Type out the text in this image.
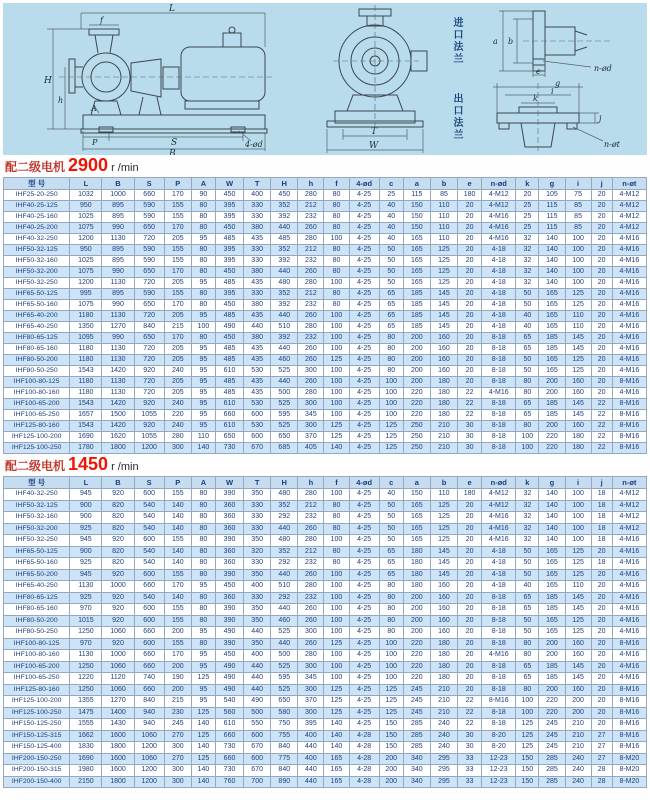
L
f
H
h
A
P	S
B
4-ød
T
W
进口法兰	a b
e	n-ød
出口法兰
g
i
k
j
n-øt
配二级电机 2900 r /min
型 号	L	B	S	P	A	W	T	H	h	f	4-ød	c	a	b	e	n-ød	k	g	i	j	n-øt
IHF25-20-250	1032	1000	660	170	90	450	400	450	280	80	4-25	25	115	85	180	4-M12	20	105	75	20	4-M12
IHF40-25-125	950	895	590	155	80	395	330	352	212	80	4-25	40	150	110	20	4-M12	25	115	85	20	4-M12
IHF40-25-160	1025	895	590	155	80	395	330	392	232	80	4-25	40	150	110	20	4-M16	25	115	85	20	4-M12
IHF40-25-200	1075	990	650	170	80	450	380	440	260	80	4-25	40	150	110	20	4-M16	25	115	85	20	4-M12
IHF40-32-250	1200	1130	720	205	95	485	435	485	280	100	4-25	40	165	110	20	4-M16	32	140	100	20	4-M16
IHF50-32-125	950	895	590	155	80	395	330	352	212	80	4-25	50	165	125	20	4-18	32	140	100	20	4-M16
IHF50-32-160	1025	895	590	155	80	395	330	392	232	80	4-25	50	165	125	20	4-18	32	140	100	20	4-M16
IHF50-32-200	1075	990	650	170	80	450	380	440	260	80	4-25	50	165	125	20	4-18	32	140	100	20	4-M16
IHF50-32-250	1200	1130	720	205	95	485	435	480	280	100	4-25	50	165	125	20	4-18	32	140	100	20	4-M16
IHF65-50-125	995	895	590	155	80	395	330	352	212	80	4-25	65	185	145	20	4-18	50	165	125	20	4-M16
IHF65-50-160	1075	990	650	170	80	450	380	392	232	80	4-25	65	185	145	20	4-18	50	165	125	20	4-M16
IHF65-40-200	1180	1130	720	205	95	485	435	440	260	100	4-25	65	185	145	20	4-18	40	165	110	20	4-M16
IHF65-40-250	1350	1270	840	215	100	490	440	510	280	100	4-25	65	185	145	20	4-18	40	165	110	20	4-M16
IHF80-65-125	1095	990	650	170	80	450	380	392	232	100	4-25	80	200	160	20	8-18	65	185	145	20	4-M16
IHF80-65-160	1180	1130	720	205	95	485	435	440	260	100	4-25	80	200	160	20	8-18	65	185	145	20	4-M16
IHF80-50-200	1180	1130	720	205	95	485	435	460	260	125	4-25	80	200	160	20	8-18	50	165	125	20	4-M16
IHF80-50-250	1543	1420	920	240	95	610	530	525	300	100	4-25	80	200	160	20	8-18	50	165	125	20	4-M16
IHF100-80-125	1180	1130	720	205	95	485	435	440	260	100	4-25	100	200	180	20	8-18	80	200	160	20	8-M16
IHF100-80-160	1180	1130	720	205	95	485	435	500	280	100	4-25	100	220	180	22	4-M16	80	200	160	20	4-M16
IHF100-65-200	1543	1420	920	240	95	610	530	525	300	100	4-25	100	220	180	22	8-18	65	185	145	22	8-M16
IHF100-65-250	1657	1500	1055	220	95	660	600	595	345	100	4-25	100	220	180	22	8-18	65	185	145	22	8-M16
IHF125-80-160	1543	1420	920	240	95	610	530	525	300	125	4-25	125	250	210	30	8-18	80	200	160	22	8-M16
IHF125-100-200	1690	1620	1055	280	110	650	600	650	370	125	4-25	125	250	210	30	8-18	100	220	180	22	8-M16
IHF125-100-250	1780	1800	1200	300	140	730	670	685	405	140	4-25	125	250	210	30	8-18	100	220	180	22	8-M16
配二级电机 1450 r /min
型 号	L	B	S	P	A	W	T	H	h	f	4-ød	c	a	b	e	n-ød	k	g	i	j	n-øt
IHF40-32-250	945	920	600	155	80	390	350	480	280	100	4-25	40	150	110	180	4-M12	32	140	100	18	4-M12
IHF50-32-125	900	820	540	140	80	360	330	352	212	80	4-25	50	165	125	20	4-M12	32	140	100	18	4-M12
IHF50-32-160	900	820	540	140	80	360	330	292	232	80	4-25	50	165	125	20	4-M16	32	140	100	18	4-M12
IHF50-32-200	925	820	540	140	80	360	330	440	260	80	4-25	50	165	125	20	4-M16	32	140	100	18	4-M12
IHF50-32-250	945	920	600	155	80	390	350	480	280	100	4-25	50	165	125	20	4-M16	32	140	100	18	4-M16
IHF65-50-125	900	820	540	140	80	360	320	352	212	80	4-25	65	180	145	20	4-18	50	165	125	20	4-M16
IHF65-50-160	925	820	540	140	80	360	330	292	232	80	4-25	65	180	145	20	4-18	50	165	125	18	4-M16
IHF65-50-200	945	920	600	155	80	390	350	440	260	100	4-25	65	180	145	20	4-18	50	165	125	20	4-M16
IHF65-40-250	1130	1000	660	170	95	450	400	510	280	100	4-25	80	180	160	20	4-18	40	165	110	20	4-M16
IHF80-65-125	925	920	540	140	80	360	330	292	232	100	4-25	80	200	160	20	8-18	65	185	145	20	4-M16
IHF80-65-160	970	920	600	155	80	390	350	440	260	100	4-25	80	200	160	20	8-18	65	185	145	20	4-M16
IHF80-50-200	1015	920	600	155	80	390	350	460	260	100	4-25	80	200	160	20	8-18	50	165	125	20	4-M16
IHF80-50-250	1250	1060	660	200	95	490	440	525	300	100	4-25	80	200	160	20	8-18	50	165	125	20	4-M16
IHF100-80-125	970	920	600	155	80	390	350	440	260	125	4-25	100	220	180	20	8-18	80	200	160	20	8-M16
IHF100-80-160	1130	1000	660	170	95	450	400	500	280	100	4-25	100	220	180	20	4-M16	80	200	160	20	4-M16
IHF100-65-200	1250	1060	660	200	95	490	440	525	300	100	4-25	100	220	180	20	8-18	65	185	145	20	4-M16
IHF100-65-250	1220	1120	740	190	125	490	440	595	345	100	4-25	100	220	180	20	8-18	65	185	145	20	4-M16
IHF125-80-160	1250	1060	660	200	95	490	440	525	300	125	4-25	125	245	210	20	8-18	80	200	160	20	8-M16
IHF125-100-200	1355	1270	840	215	95	540	490	650	370	125	4-25	125	245	210	22	8-M16	100	220	200	20	8-M16
IHF125-100-250	1475	1400	940	230	125	560	500	580	300	125	4-25	125	245	210	22	8-18	100	220	200	20	8-M16
IHF150-125-250	1555	1430	940	245	140	610	550	750	395	140	4-25	150	285	240	22	8-18	125	245	210	20	8-M16
IHF150-125-315	1662	1600	1060	270	125	660	600	755	400	140	4-28	150	285	240	30	8-20	125	245	210	27	8-M16
IHF150-125-400	1830	1800	1200	300	140	730	670	840	440	140	4-28	150	285	240	30	8-20	125	245	210	27	8-M16
IHF200-150-250	1690	1600	1060	270	125	660	600	775	400	165	4-28	200	340	295	33	12-23	150	285	240	27	8-M20
IHF200-150-315	1980	1600	1200	300	140	730	670	840	440	165	4-28	200	340	295	33	12-23	150	285	240	28	8-M20
IHF200-150-400	2150	1800	1200	300	140	760	700	890	440	165	4-28	200	340	295	33	12-23	150	285	240	28	8-M20
